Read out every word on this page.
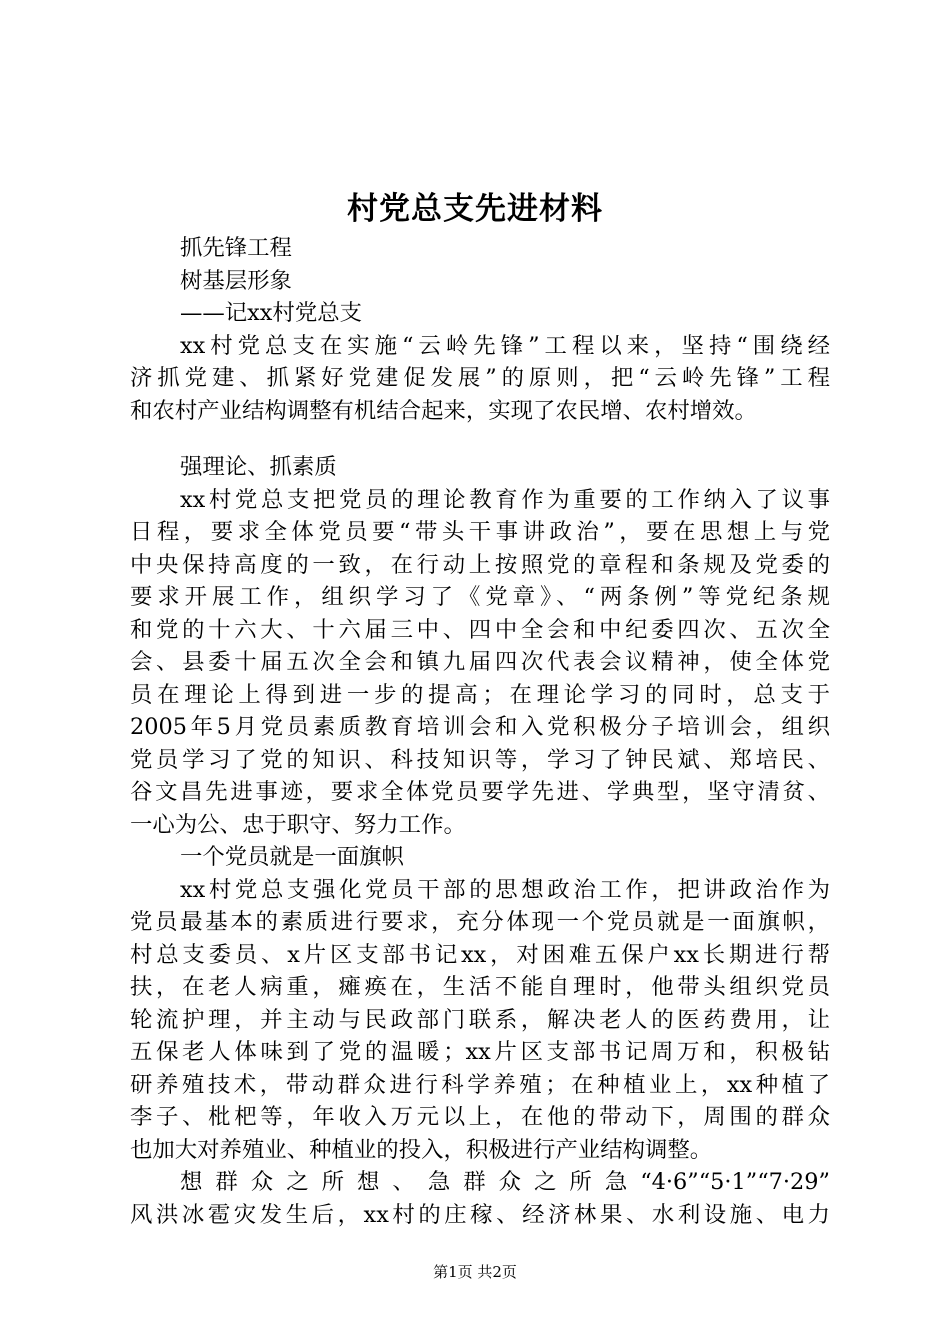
村党总支先进材料
抓先锋工程
树基层形象
——记xx村党总支
xx村党总支在实施“云岭先锋”工程以来，坚持“围绕经
济抓党建、抓紧好党建促发展”的原则，把“云岭先锋”工程
和农村产业结构调整有机结合起来，实现了农民增、农村增效。
强理论、抓素质
xx村党总支把党员的理论教育作为重要的工作纳入了议事
日程，要求全体党员要“带头干事讲政治”，要在思想上与党
中央保持高度的一致，在行动上按照党的章程和条规及党委的
要求开展工作，组织学习了《党章》、“两条例”等党纪条规
和党的十六大、十六届三中、四中全会和中纪委四次、五次全
会、县委十届五次全会和镇九届四次代表会议精神，使全体党
员在理论上得到进一步的提高；在理论学习的同时，总支于
2005年5月党员素质教育培训会和入党积极分子培训会，组织
党员学习了党的知识、科技知识等，学习了钟民斌、郑培民、
谷文昌先进事迹，要求全体党员要学先进、学典型，坚守清贫、
一心为公、忠于职守、努力工作。
一个党员就是一面旗帜
xx村党总支强化党员干部的思想政治工作，把讲政治作为
党员最基本的素质进行要求，充分体现一个党员就是一面旗帜，
村总支委员、x片区支部书记xx，对困难五保户xx长期进行帮
扶，在老人病重，瘫痪在，生活不能自理时，他带头组织党员
轮流护理，并主动与民政部门联系，解决老人的医药费用，让
五保老人体味到了党的温暖；xx片区支部书记周万和，积极钻
研养殖技术，带动群众进行科学养殖；在种植业上，xx种植了
李子、枇杷等，年收入万元以上，在他的带动下，周围的群众
也加大对养殖业、种植业的投入，积极进行产业结构调整。
想群众之所想、急群众之所急“4·6”“5·1”“7·29”
风洪冰雹灾发生后，xx村的庄稼、经济林果、水利设施、电力
第1页 共2页
